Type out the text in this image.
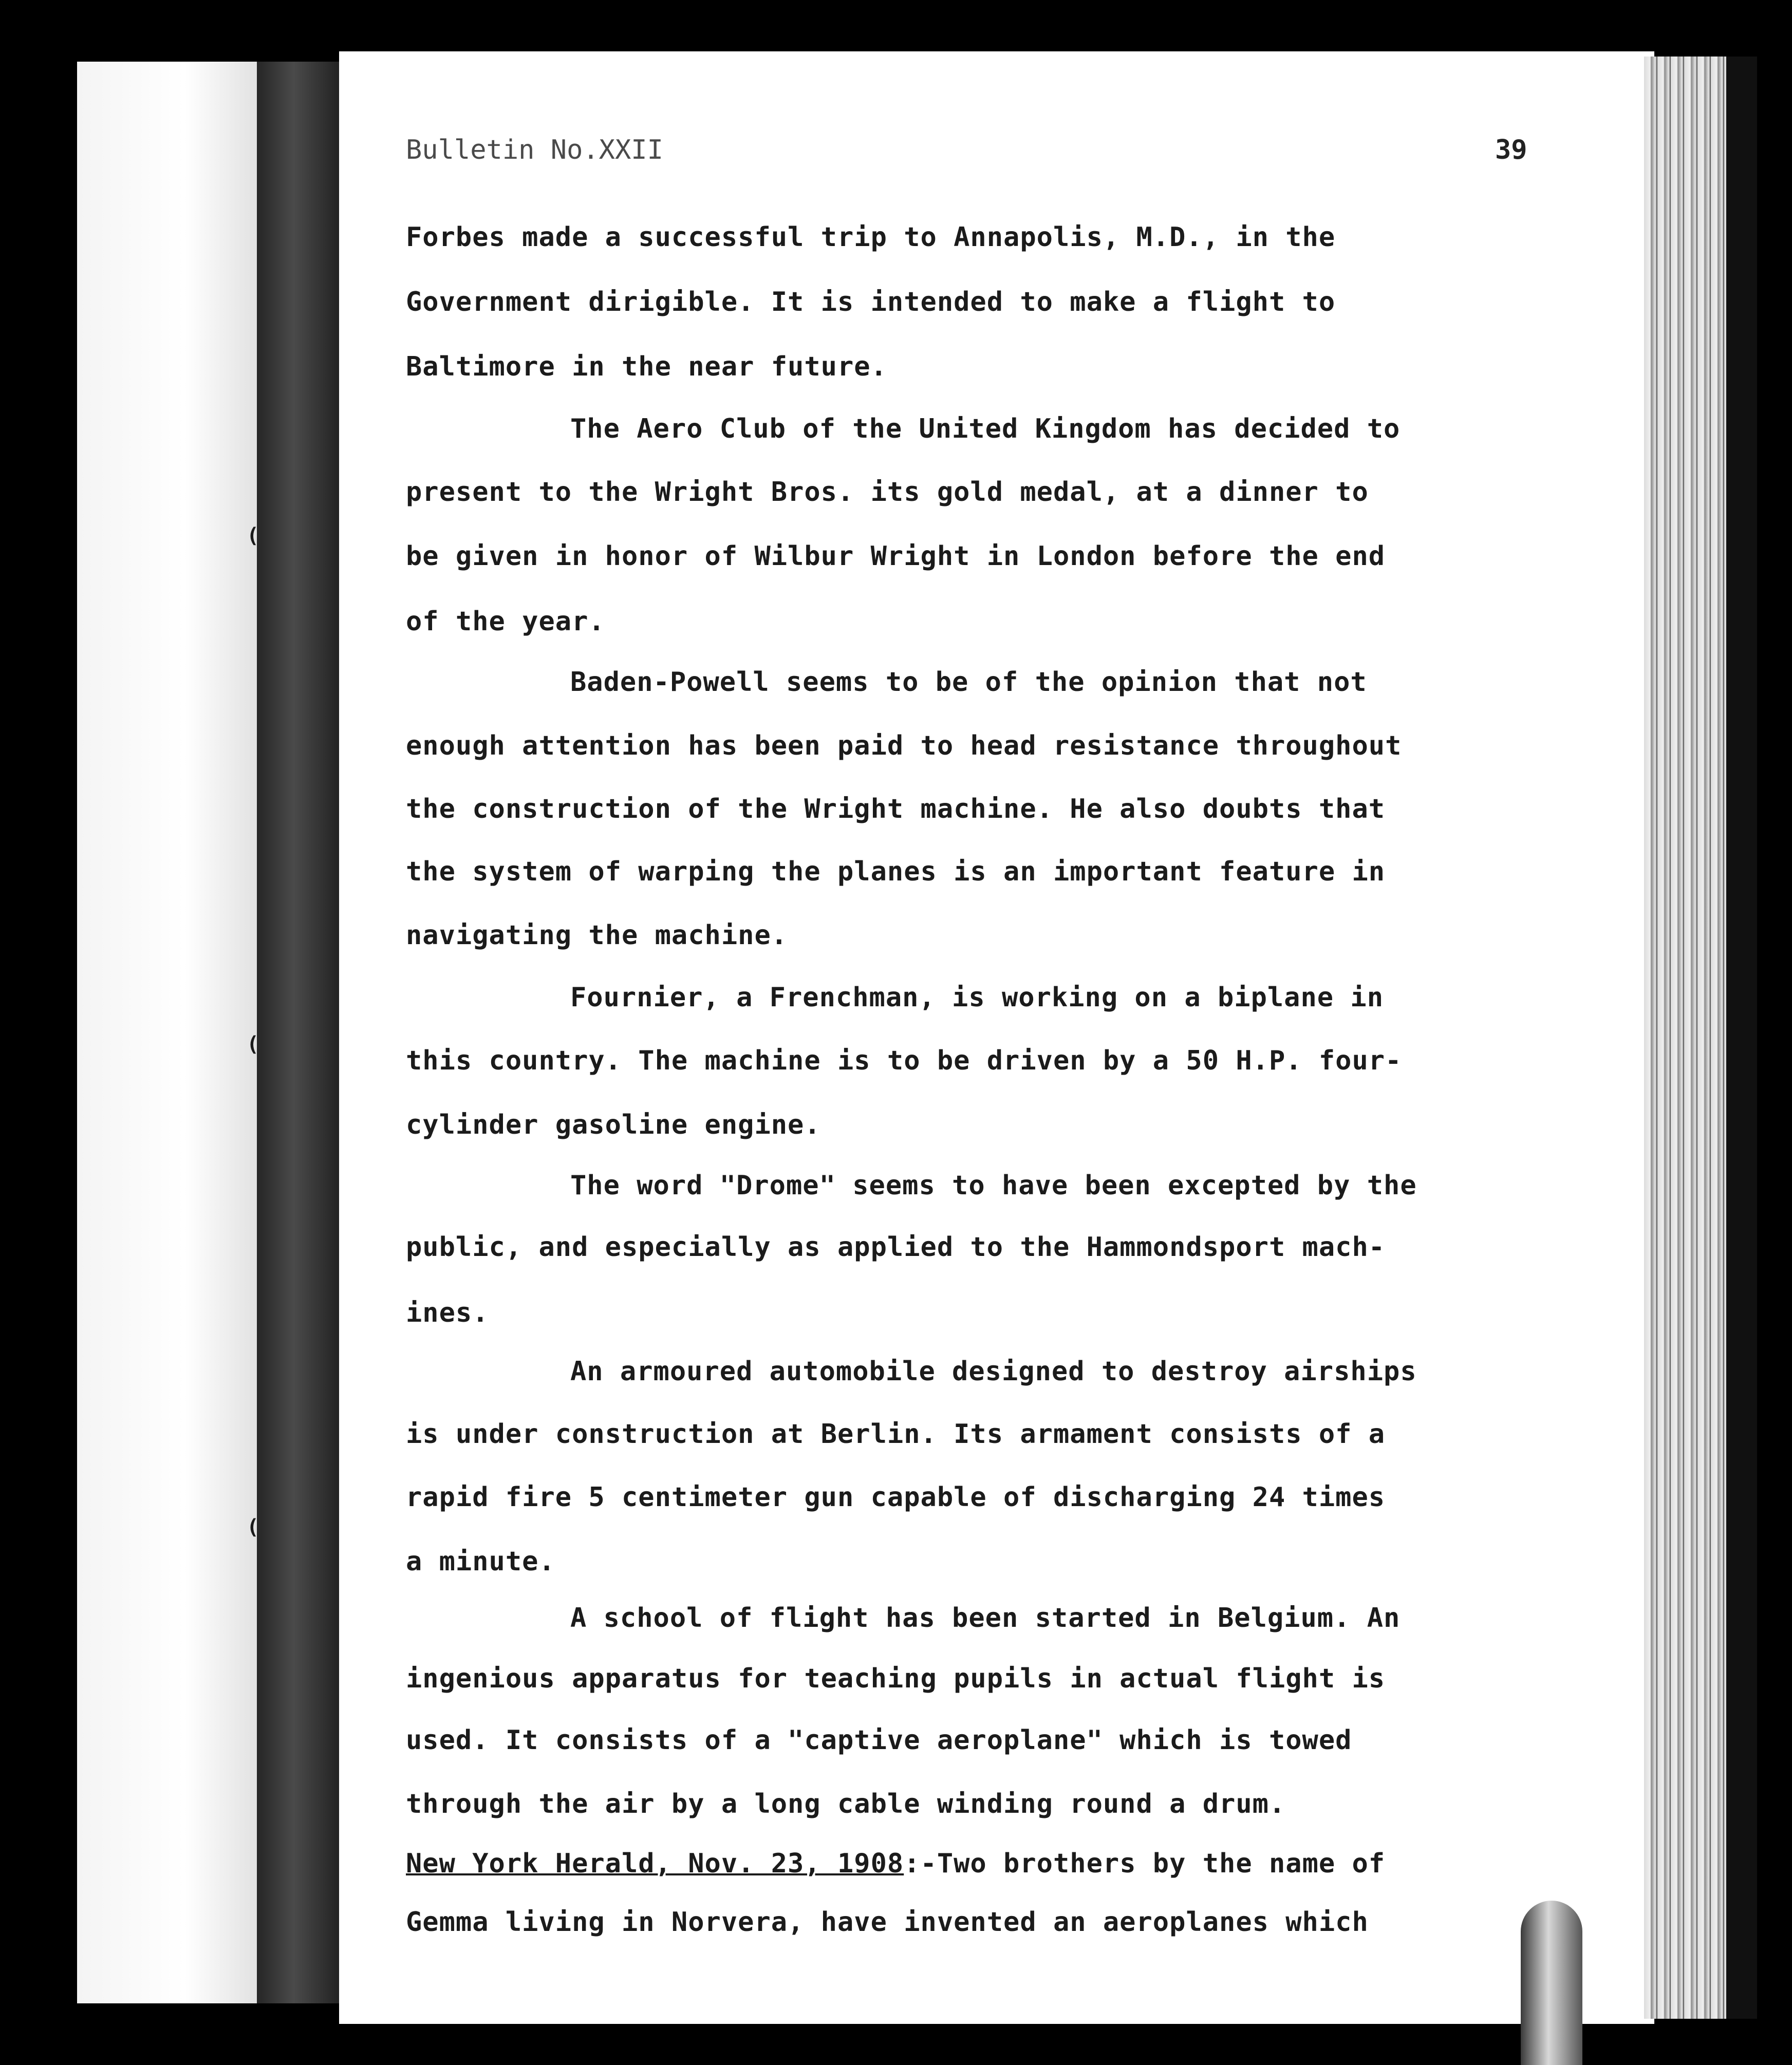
(
(
(
Bulletin No.XXII	39
Forbes made a successful trip to Annapolis, M.D., in the
Government dirigible. It is intended to make a flight to
Baltimore in the near future.
The Aero Club of the United Kingdom has decided to
present to the Wright Bros. its gold medal, at a dinner to
be given in honor of Wilbur Wright in London before the end
of the year.
Baden-Powell seems to be of the opinion that not
enough attention has been paid to head resistance throughout
the construction of the Wright machine. He also doubts that
the system of warping the planes is an important feature in
navigating the machine.
Fournier, a Frenchman, is working on a biplane in
this country. The machine is to be driven by a 50 H.P. four-
cylinder gasoline engine.
The word "Drome" seems to have been excepted by the
public, and especially as applied to the Hammondsport mach-
ines.
An armoured automobile designed to destroy airships
is under construction at Berlin. Its armament consists of a
rapid fire 5 centimeter gun capable of discharging 24 times
a minute.
A school of flight has been started in Belgium. An
ingenious apparatus for teaching pupils in actual flight is
used. It consists of a "captive aeroplane" which is towed
through the air by a long cable winding round a drum.
New York Herald, Nov. 23, 1908:-Two brothers by the name of
Gemma living in Norvera, have invented an aeroplanes which
